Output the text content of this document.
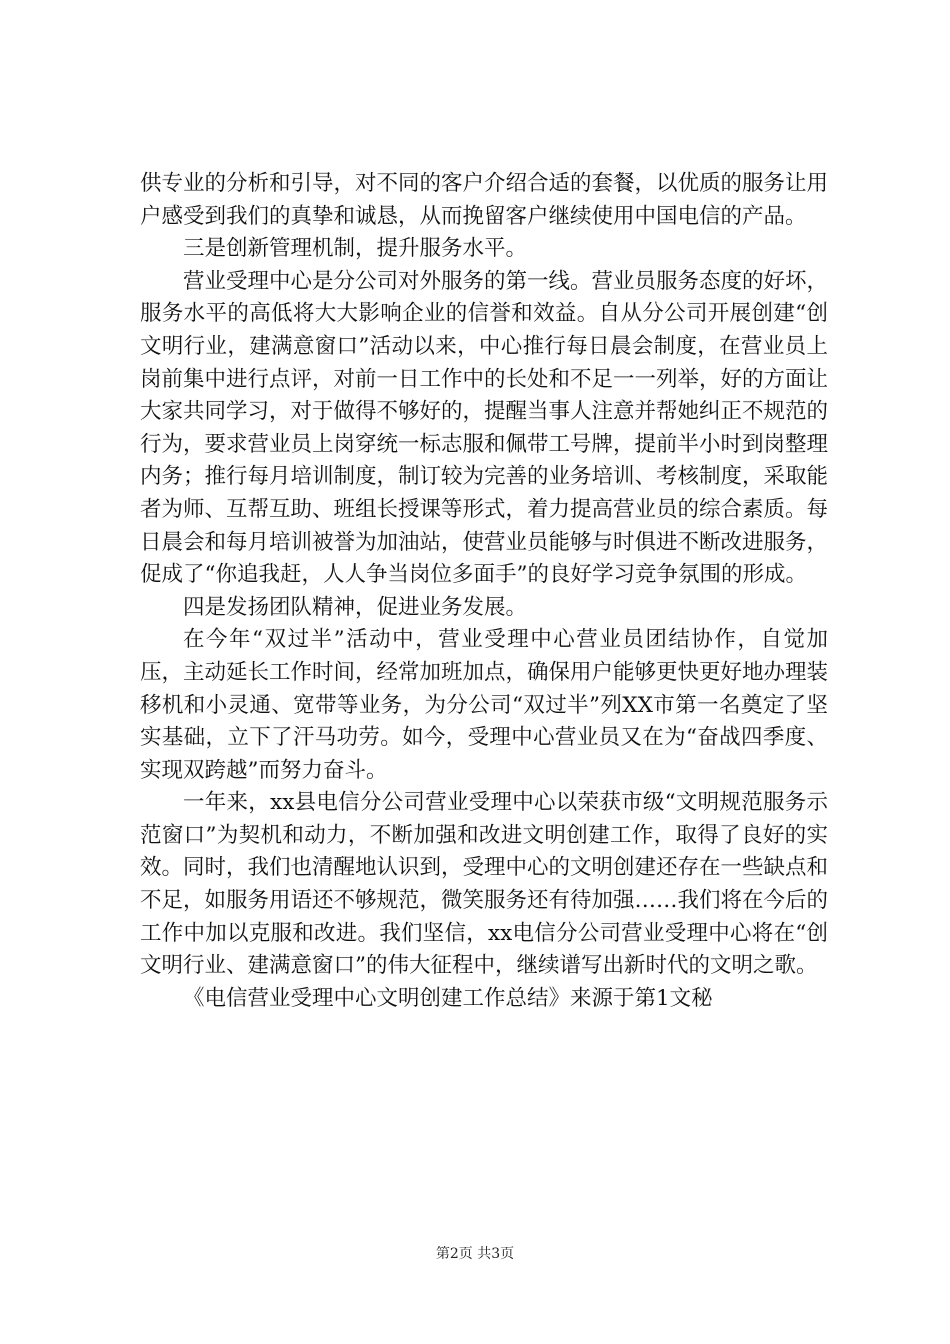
供专业的分析和引导，对不同的客户介绍合适的套餐，以优质的服务让用户感受到我们的真挚和诚恳，从而挽留客户继续使用中国电信的产品。

三是创新管理机制，提升服务水平。

营业受理中心是分公司对外服务的第一线。营业员服务态度的好坏，服务水平的高低将大大影响企业的信誉和效益。自从分公司开展创建“创文明行业，建满意窗口”活动以来，中心推行每日晨会制度，在营业员上岗前集中进行点评，对前一日工作中的长处和不足一一列举，好的方面让大家共同学习，对于做得不够好的，提醒当事人注意并帮她纠正不规范的行为，要求营业员上岗穿统一标志服和佩带工号牌，提前半小时到岗整理内务；推行每月培训制度，制订较为完善的业务培训、考核制度，采取能者为师、互帮互助、班组长授课等形式，着力提高营业员的综合素质。每日晨会和每月培训被誉为加油站，使营业员能够与时俱进不断改进服务，促成了“你追我赶，人人争当岗位多面手”的良好学习竞争氛围的形成。

四是发扬团队精神，促进业务发展。

在今年“双过半”活动中，营业受理中心营业员团结协作，自觉加压，主动延长工作时间，经常加班加点，确保用户能够更快更好地办理装移机和小灵通、宽带等业务，为分公司“双过半”列XX市第一名奠定了坚实基础，立下了汗马功劳。如今，受理中心营业员又在为“奋战四季度、实现双跨越”而努力奋斗。

一年来，xx县电信分公司营业受理中心以荣获市级“文明规范服务示范窗口”为契机和动力，不断加强和改进文明创建工作，取得了良好的实效。同时，我们也清醒地认识到，受理中心的文明创建还存在一些缺点和不足，如服务用语还不够规范，微笑服务还有待加强……我们将在今后的工作中加以克服和改进。我们坚信，xx电信分公司营业受理中心将在“创文明行业、建满意窗口”的伟大征程中，继续谱写出新时代的文明之歌。

《电信营业受理中心文明创建工作总结》来源于第1文秘

第2页 共3页
